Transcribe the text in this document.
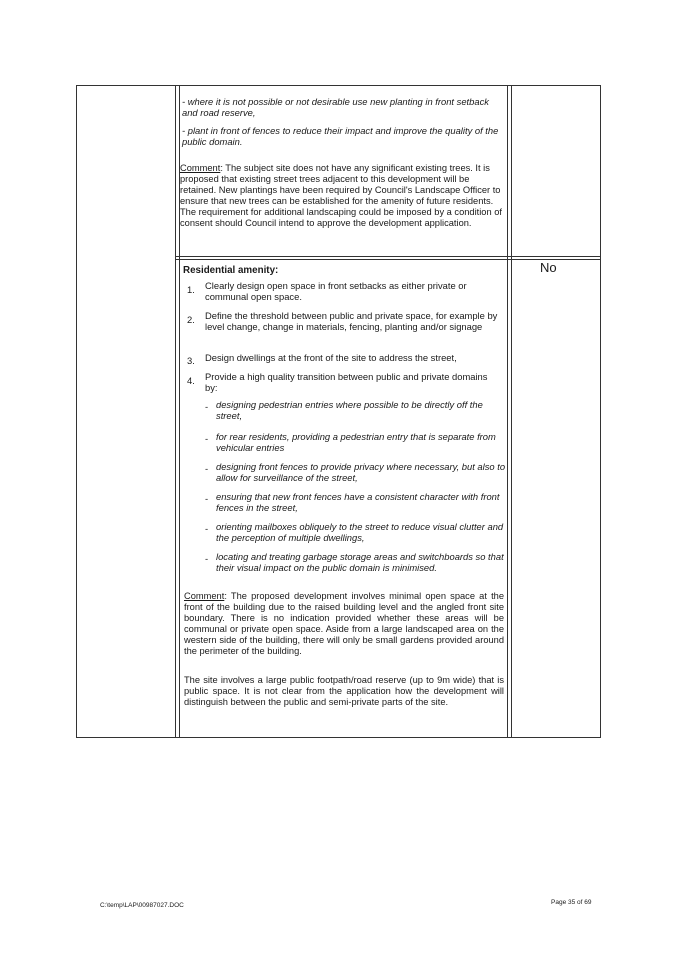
- where it is not possible or not desirable use new planting in front setback and road reserve,
- plant in front of fences to reduce their impact and improve the quality of the public domain.
Comment: The subject site does not have any significant existing trees. It is proposed that existing street trees adjacent to this development will be retained. New plantings have been required by Council's Landscape Officer to ensure that new trees can be established for the amenity of future residents. The requirement for additional landscaping could be imposed by a condition of consent should Council intend to approve the development application.
Residential amenity:	No
1. Clearly design open space in front setbacks as either private or communal open space.
2. Define the threshold between public and private space, for example by level change, change in materials, fencing, planting and/or signage
3. Design dwellings at the front of the site to address the street,
4. Provide a high quality transition between public and private domains by:
- designing pedestrian entries where possible to be directly off the street,
- for rear residents, providing a pedestrian entry that is separate from vehicular entries
- designing front fences to provide privacy where necessary, but also to allow for surveillance of the street,
- ensuring that new front fences have a consistent character with front fences in the street,
- orienting mailboxes obliquely to the street to reduce visual clutter and the perception of multiple dwellings,
- locating and treating garbage storage areas and switchboards so that their visual impact on the public domain is minimised.
Comment: The proposed development involves minimal open space at the front of the building due to the raised building level and the angled front site boundary. There is no indication provided whether these areas will be communal or private open space. Aside from a large landscaped area on the western side of the building, there will only be small gardens provided around the perimeter of the building.
The site involves a large public footpath/road reserve (up to 9m wide) that is public space. It is not clear from the application how the development will distinguish between the public and semi-private parts of the site.
C:\temp\LAP\00987027.DOC	Page 35 of 69
